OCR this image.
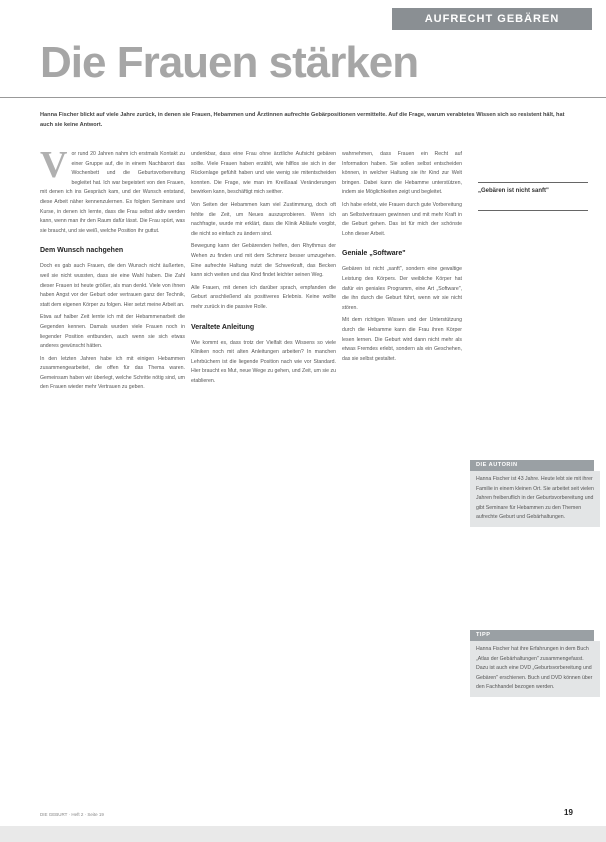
AUFRECHT GEBÄREN
Die Frauen stärken
Hanna Fischer blickt auf viele Jahre zurück, in denen sie Frauen, Hebammen und Ärztinnen aufrechte Gebärpositionen vermittelte. Auf die Frage, warum verabtetes Wissen sich so resistent hält, hat auch sie keine Antwort.

Vor rund 20 Jahren nahm ich erstmals Kontakt zu einer Gruppe auf, die in einem Nachbarort das Wochenbett und die Geburtsvorbereitung begleitet hat. Ich war begeistert von den Frauen, mit denen ich ins Gespräch kam, und der Wunsch entstand, diese Arbeit näher kennenzulernen. Es folgten Seminare und Kurse, in denen ich lernte, dass die Frau selbst aktiv werden kann, wenn man ihr den Raum dafür lässt. Die Frau spürt, was sie braucht, und sie weiß, welche Position ihr guttut.

Dem Wunsch nachgehen

Doch es gab auch Frauen, die den Wunsch nicht äußerten, weil sie nicht wussten, dass sie eine Wahl haben. Die Zahl dieser Frauen ist heute größer, als man denkt. Viele von ihnen haben Angst vor der Geburt oder vertrauen ganz der Technik, statt dem eigenen Körper zu folgen. Hier setzt meine Arbeit an.

Etwa auf halber Zeit lernte ich mit der Hebammenarbeit die Gegenden kennen. Damals wurden viele Frauen noch in liegender Position entbunden, auch wenn sie sich etwas anderes gewünscht hätten.

In den letzten Jahren habe ich mit einigen Hebammen zusammengearbeitet, die offen für das Thema waren. Gemeinsam haben wir überlegt, welche Schritte nötig sind, um den Frauen wieder mehr Vertrauen zu geben.

undenkbar, dass eine Frau ohne ärztliche Aufsicht gebären sollte. Viele Frauen haben erzählt, wie hilflos sie sich in der Rückenlage gefühlt haben und wie wenig sie mitentscheiden konnten. Die Frage, wie man im Kreißsaal Veränderungen bewirken kann, beschäftigt mich seither.

Von Seiten der Hebammen kam viel Zustimmung, doch oft fehlte die Zeit, um Neues auszuprobieren. Wenn ich nachfragte, wurde mir erklärt, dass die Klinik Abläufe vorgibt, die nicht so einfach zu ändern sind.

Bewegung kann der Gebärenden helfen, den Rhythmus der Wehen zu finden und mit dem Schmerz besser umzugehen. Eine aufrechte Haltung nutzt die Schwerkraft, das Becken kann sich weiten und das Kind findet leichter seinen Weg.

Alle Frauen, mit denen ich darüber sprach, empfanden die Geburt anschließend als positiveres Erlebnis. Keine wollte mehr zurück in die passive Rolle.

Veraltete Anleitung

Wie kommt es, dass trotz der Vielfalt des Wissens so viele Kliniken noch mit alten Anleitungen arbeiten? In manchen Lehrbüchern ist die liegende Position nach wie vor Standard. Hier braucht es Mut, neue Wege zu gehen, und Zeit, um sie zu etablieren.

wahrnehmen, dass Frauen ein Recht auf Information haben. Sie sollen selbst entscheiden können, in welcher Haltung sie ihr Kind zur Welt bringen. Dabei kann die Hebamme unterstützen, indem sie Möglichkeiten zeigt und begleitet.

Ich habe erlebt, wie Frauen durch gute Vorbereitung an Selbstvertrauen gewinnen und mit mehr Kraft in die Geburt gehen. Das ist für mich der schönste Lohn dieser Arbeit.

Geniale „Software"

Gebären ist nicht „sanft", sondern eine gewaltige Leistung des Körpers. Der weibliche Körper hat dafür ein geniales Programm, eine Art „Software", die ihn durch die Geburt führt, wenn wir sie nicht stören.

Mit dem richtigen Wissen und der Unterstützung durch die Hebamme kann die Frau ihren Körper lesen lernen. Die Geburt wird dann nicht mehr als etwas Fremdes erlebt, sondern als ein Geschehen, das sie selbst gestaltet.

„Gebären ist nicht sanft"
DIE AUTORIN
Hanna Fischer ist 43 Jahre. Heute lebt sie mit ihrer Familie in einem kleinen Ort. Sie arbeitet seit vielen Jahren freiberuflich in der Geburtsvorbereitung und gibt Seminare für Hebammen zu den Themen aufrechte Geburt und Gebärhaltungen.
TIPP
Hanna Fischer hat ihre Erfahrungen in dem Buch „Atlas der Gebärhaltungen" zusammengefasst. Dazu ist auch eine DVD „Geburtsvorbereitung und Gebären" erschienen. Buch und DVD können über den Fachhandel bezogen werden.
DIE GEBURT · Heft 2 · Seite 19	19
